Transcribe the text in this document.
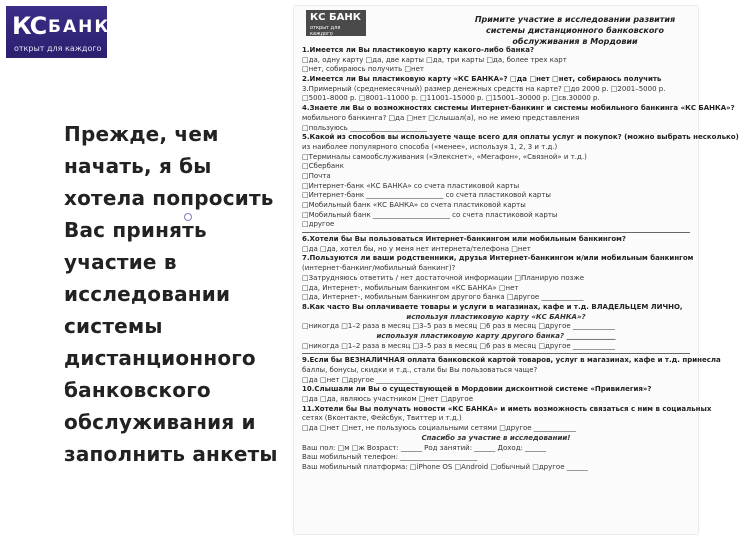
КС БАНК
открыт для каждого
Прежде, чем начать, я бы хотела попросить Вас принять участие в исследовании системы дистанционного банковского обслуживания и заполнить анкеты
КС БАНК
открыт для каждого
Примите участие в исследовании развития системы дистанционного банковского обслуживания в Мордовии
1.Имеется ли Вы пластиковую карту какого-либо банка?
□да, одну карту □да, две карты □да, три карты □да, более трех карт
□нет, собираюсь получить □нет
2.Имеется ли Вы пластиковую карту «КС БАНКА»? □да □нет □нет, собираюсь получить
3.Примерный (среднемесячный) размер денежных средств на карте? □до 2000 р. □2001–5000 р.
□5001–8000 р. □8001–11000 р. □11001–15000 р. □15001–30000 р. □св.30000 р.
4.Знаете ли Вы о возможностях системы Интернет-банкинг и системы мобильного банкинга «КС БАНКА»?
мобильного банкинга? □да □нет □слышал(а), но не имею представления
□пользуюсь ______________________
5.Какой из способов вы используете чаще всего для оплаты услуг и покупок? (можно выбрать несколько)
из наиболее популярного способа («менее», используя 1, 2, 3 и т.д.)
□Терминалы самообслуживания («Элекснет», «Мегафон», «Связной» и т.д.)
□Сбербанк
□Почта
□Интернет-банк «КС БАНКА» со счета пластиковой карты
□Интернет-банк ______________________ со счета пластиковой карты
□Мобильный банк «КС БАНКА» со счета пластиковой карты
□Мобильный банк ______________________ со счета пластиковой карты
□другое
6.Хотели бы Вы пользоваться Интернет-банкингом или мобильным банкингом?
□да □да, хотел бы, но у меня нет интернета/телефона □нет
7.Пользуются ли ваши родственники, друзья Интернет-банкингом и/или мобильным банкингом
(интернет-банкинг/мобильный банкинг)?
□Затрудняюсь ответить / нет достаточной информации □Планирую позже
□да, Интернет-, мобильным банкингом «КС БАНКА» □нет
□да, Интернет-, мобильным банкингом другого банка □другое ____________
8.Как часто Вы оплачиваете товары и услуги в магазинах, кафе и т.д. ВЛАДЕЛЬЦЕМ ЛИЧНО,
используя пластиковую карту «КС БАНКА»?
□никогда □1–2 раза в месяц □3–5 раз в месяц □6 раз в месяц □другое ____________
используя пластиковую карту другого банка? ______________
□никогда □1–2 раза в месяц □3–5 раз в месяц □6 раз в месяц □другое ____________
9.Если бы ВЕЗНАЛИЧНАЯ оплата банковской картой товаров, услуг в магазинах, кафе и т.д. принесла
баллы, бонусы, скидки и т.д., стали бы Вы пользоваться чаще?
□да □нет □другое ____________
10.Слышали ли Вы о существующей в Мордовии дисконтной системе «Привилегия»?
□да □да, являюсь участником □нет □другое
11.Хотели бы Вы получать новости «КС БАНКА» и иметь возможность связаться с ним в социальных
сетях (Вконтакте, Фейсбук, Твиттер и т.д.)
□да □нет □нет, не пользуюсь социальными сетями □другое ____________
Спасибо за участие в исследовании!
Ваш пол: □м □ж Возраст: ______ Род занятий: ______ Доход: ______
Ваш мобильный телефон: ______________________
Ваш мобильный платформа: □iPhone OS □Android □обычный □другое ______
